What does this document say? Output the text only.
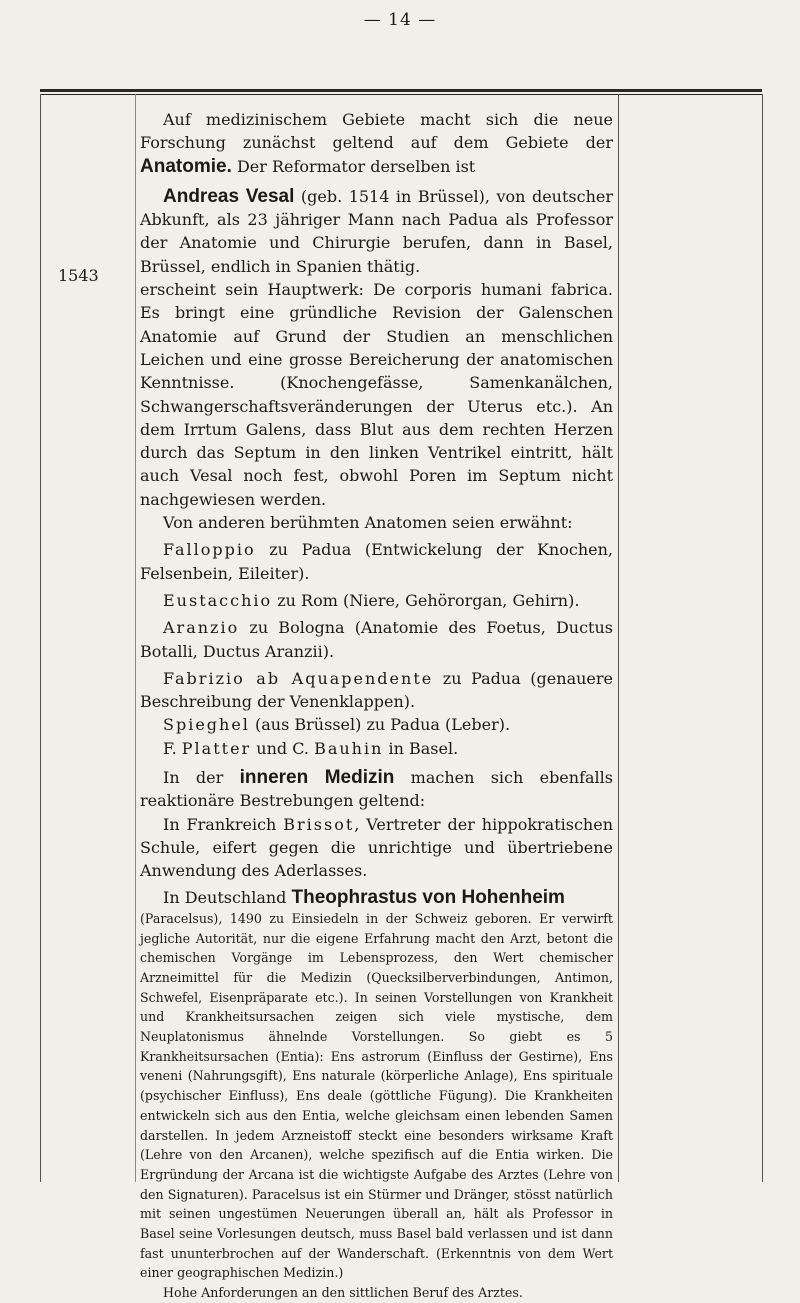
— 14 —
1543

Auf medizinischem Gebiete macht sich die neue Forschung zunächst geltend auf dem Gebiete der Anatomie. Der Reformator derselben ist

Andreas Vesal (geb. 1514 in Brüssel), von deutscher Abkunft, als 23 jähriger Mann nach Padua als Professor der Anatomie und Chirurgie berufen, dann in Basel, Brüssel, endlich in Spanien thätig.

erscheint sein Hauptwerk: De corporis humani fabrica. Es bringt eine gründliche Revision der Galenschen Anatomie auf Grund der Studien an menschlichen Leichen und eine grosse Bereicherung der anatomischen Kenntnisse. (Knochengefässe, Samenkanälchen, Schwangerschaftsveränderungen der Uterus etc.). An dem Irrtum Galens, dass Blut aus dem rechten Herzen durch das Septum in den linken Ventrikel eintritt, hält auch Vesal noch fest, obwohl Poren im Septum nicht nachgewiesen werden.

Von anderen berühmten Anatomen seien erwähnt:

Falloppio zu Padua (Entwickelung der Knochen, Felsenbein, Eileiter).

Eustacchio zu Rom (Niere, Gehörorgan, Gehirn).

Aranzio zu Bologna (Anatomie des Foetus, Ductus Botalli, Ductus Aranzii).

Fabrizio ab Aquapendente zu Padua (genauere Beschreibung der Venenklappen).

Spieghel (aus Brüssel) zu Padua (Leber).

F. Platter und C. Bauhin in Basel.

In der inneren Medizin machen sich ebenfalls reaktionäre Bestrebungen geltend:

In Frankreich Brissot, Vertreter der hippokratischen Schule, eifert gegen die unrichtige und übertriebene Anwendung des Aderlasses.

In Deutschland Theophrastus von Hohenheim

(Paracelsus), 1490 zu Einsiedeln in der Schweiz geboren. Er verwirft jegliche Autorität, nur die eigene Erfahrung macht den Arzt, betont die chemischen Vorgänge im Lebensprozess, den Wert chemischer Arzneimittel für die Medizin (Quecksilberverbindungen, Antimon, Schwefel, Eisenpräparate etc.). In seinen Vorstellungen von Krankheit und Krankheitsursachen zeigen sich viele mystische, dem Neuplatonismus ähnelnde Vorstellungen. So giebt es 5 Krankheitsursachen (Entia): Ens astrorum (Einfluss der Gestirne), Ens veneni (Nahrungsgift), Ens naturale (körperliche Anlage), Ens spirituale (psychischer Einfluss), Ens deale (göttliche Fügung). Die Krankheiten entwickeln sich aus den Entia, welche gleichsam einen lebenden Samen darstellen. In jedem Arzneistoff steckt eine besonders wirksame Kraft (Lehre von den Arcanen), welche spezifisch auf die Entia wirken. Die Ergründung der Arcana ist die wichtigste Aufgabe des Arztes (Lehre von den Signaturen). Paracelsus ist ein Stürmer und Dränger, stösst natürlich mit seinen ungestümen Neuerungen überall an, hält als Professor in Basel seine Vorlesungen deutsch, muss Basel bald verlassen und ist dann fast ununterbrochen auf der Wanderschaft. (Erkenntnis von dem Wert einer geographischen Medizin.)

Hohe Anforderungen an den sittlichen Beruf des Arztes.
